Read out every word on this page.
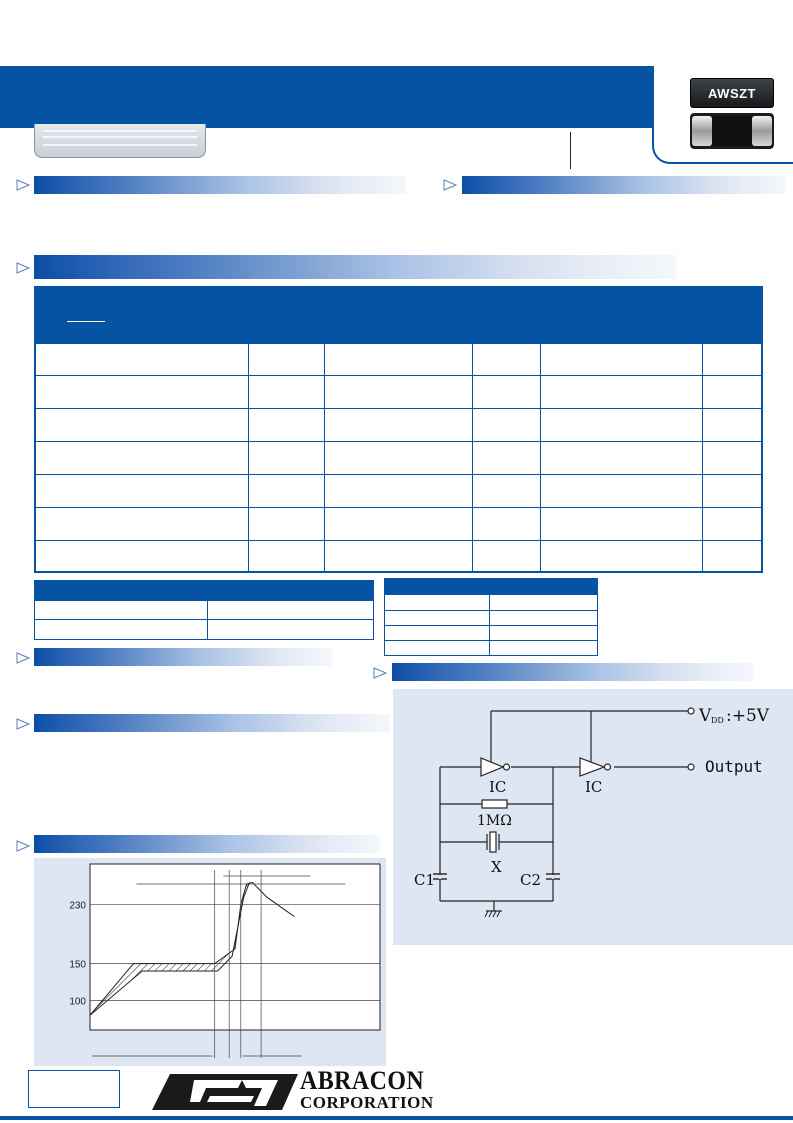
AWSZT
V DD :+5V
Output
IC	IC
1MΩ
X
C1	C2
230
150
100
ABRACON
CORPORATION
